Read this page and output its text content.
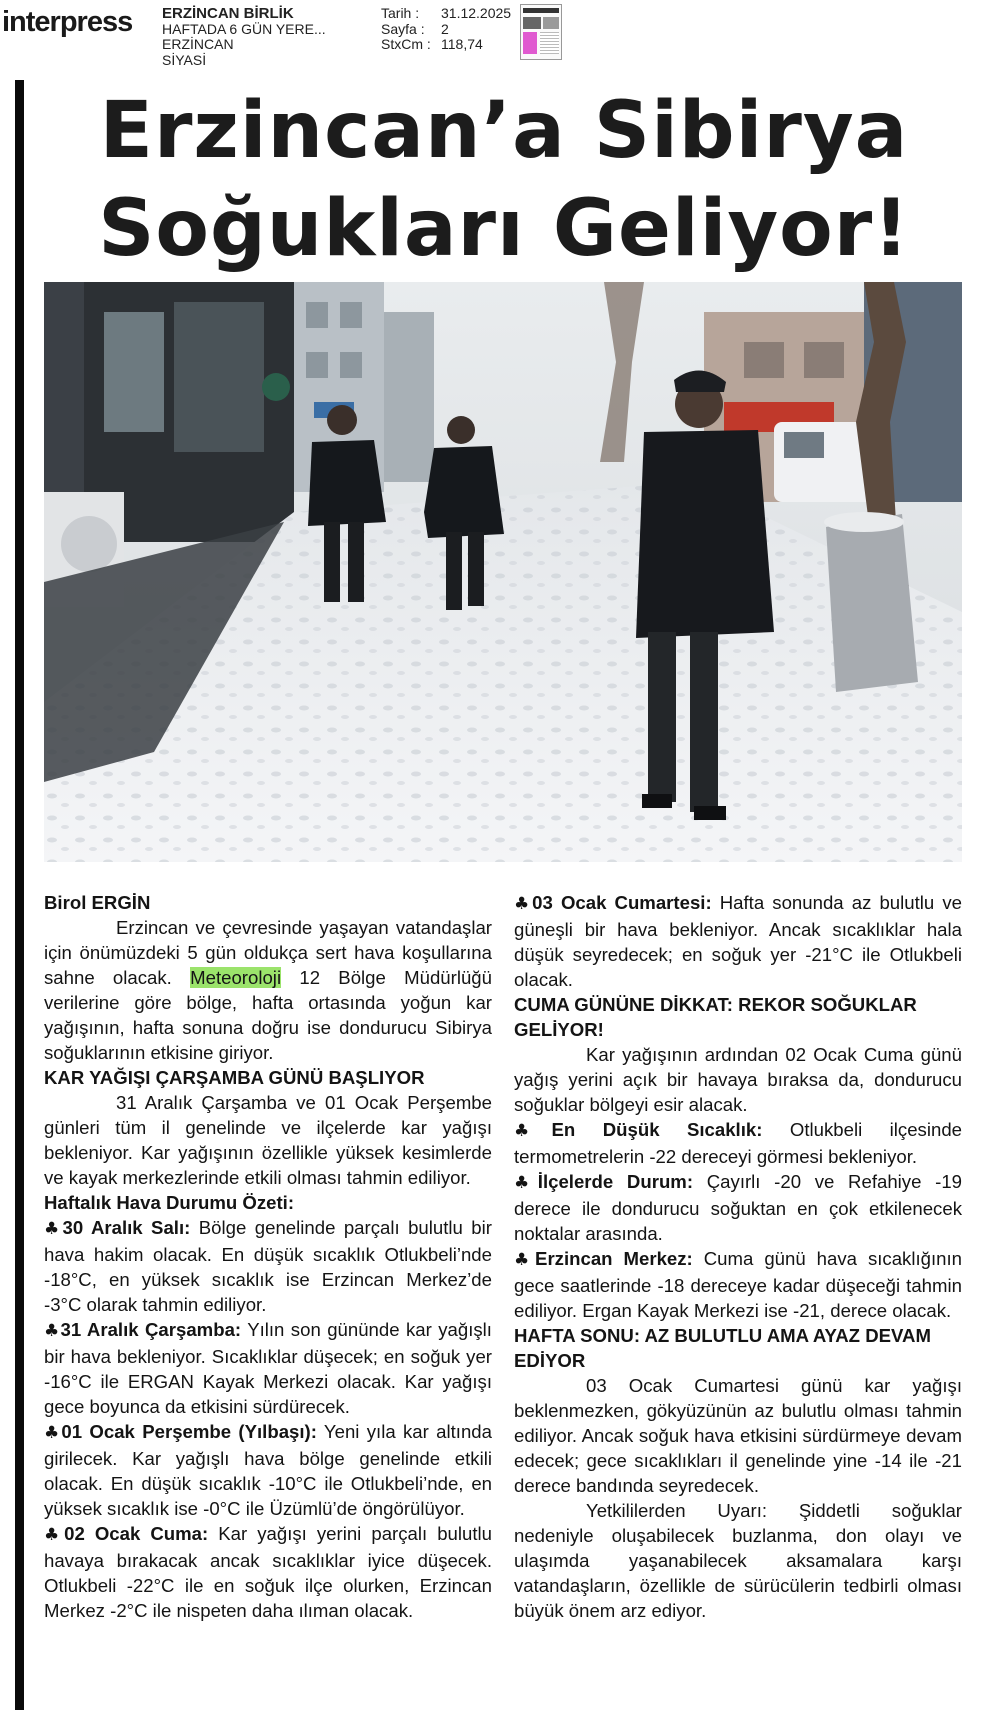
interpress ERZİNCAN BİRLİK
HAFTADA 6 GÜN YERE...
ERZİNCAN
SİYASİ
Tarih :	31.12.2025
Sayfa :	2
StxCm : 118,74
Erzincan’a Sibirya
Soğukları Geliyor!

Birol ERGİN

Erzincan ve çevresinde yaşayan vatandaşlar için önümüzdeki 5 gün oldukça sert hava koşullarına sahne olacak. Meteoroloji 12 Bölge Müdürlüğü verilerine göre bölge, hafta ortasında yoğun kar yağışının, hafta sonuna doğru ise dondurucu Sibirya soğuklarının etkisine giriyor.

KAR YAĞIŞI ÇARŞAMBA GÜNÜ BAŞLIYOR

31 Aralık Çarşamba ve 01 Ocak Perşembe günleri tüm il genelinde ve ilçelerde kar yağışı bekleniyor. Kar yağışının özellikle yüksek kesimlerde ve kayak merkezlerinde etkili olması tahmin ediliyor.

Haftalık Hava Durumu Özeti:

♣30 Aralık Salı: Bölge genelinde parçalı bulutlu bir hava hakim olacak. En düşük sıcaklık Otlukbeli’nde -18°C, en yüksek sıcaklık ise Erzincan Merkez’de -3°C olarak tahmin ediliyor.

♣31 Aralık Çarşamba: Yılın son gününde kar yağışlı bir hava bekleniyor. Sıcaklıklar düşecek; en soğuk yer -16°C ile ERGAN Kayak Merkezi olacak. Kar yağışı gece boyunca da etkisini sürdürecek.

♣01 Ocak Perşembe (Yılbaşı): Yeni yıla kar altında girilecek. Kar yağışlı hava bölge genelinde etkili olacak. En düşük sıcaklık -10°C ile Otlukbeli’nde, en yüksek sıcaklık ise -0°C ile Üzümlü’de öngörülüyor.

♣02 Ocak Cuma: Kar yağışı yerini parçalı bulutlu havaya bırakacak ancak sıcaklıklar iyice düşecek. Otlukbeli -22°C ile en soğuk ilçe olurken, Erzincan Merkez -2°C ile nispeten daha ılıman olacak.

♣03 Ocak Cumartesi: Hafta sonunda az bulutlu ve güneşli bir hava bekleniyor. Ancak sıcaklıklar hala düşük seyredecek; en soğuk yer -21°C ile Otlukbeli olacak.

CUMA GÜNÜNE DİKKAT: REKOR SOĞUKLAR GELİYOR!

Kar yağışının ardından 02 Ocak Cuma günü yağış yerini açık bir havaya bıraksa da, dondurucu soğuklar bölgeyi esir alacak.

♣En Düşük Sıcaklık: Otlukbeli ilçesinde termometrelerin -22 dereceyi görmesi bekleniyor.

♣İlçelerde Durum: Çayırlı -20 ve Refahiye -19 derece ile dondurucu soğuktan en çok etkilenecek noktalar arasında.

♣Erzincan Merkez: Cuma günü hava sıcaklığının gece saatlerinde -18 dereceye kadar düşeceği tahmin ediliyor. Ergan Kayak Merkezi ise -21, derece olacak.

HAFTA SONU: AZ BULUTLU AMA AYAZ DEVAM EDİYOR

03 Ocak Cumartesi günü kar yağışı beklenmezken, gökyüzünün az bulutlu olması tahmin ediliyor. Ancak soğuk hava etkisini sürdürmeye devam edecek; gece sıcaklıkları il genelinde yine -14 ile -21 derece bandında seyredecek.

Yetkililerden Uyarı: Şiddetli soğuklar nedeniyle oluşabilecek buzlanma, don olayı ve ulaşımda yaşanabilecek aksamalara karşı vatandaşların, özellikle de sürücülerin tedbirli olması büyük önem arz ediyor.
